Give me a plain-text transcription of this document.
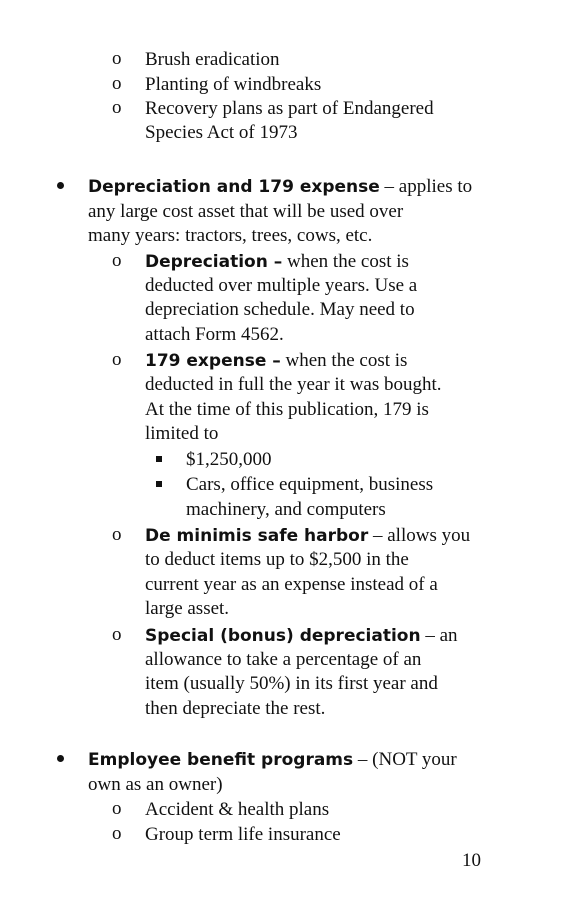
o Brush eradication
o Planting of windbreaks
o Recovery plans as part of Endangered
Species Act of 1973
Depreciation and 179 expense – applies to
any large cost asset that will be used over
many years: tractors, trees, cows, etc.
o Depreciation – when the cost is
deducted over multiple years. Use a
depreciation schedule. May need to
attach Form 4562.
o 179 expense – when the cost is
deducted in full the year it was bought.
At the time of this publication, 179 is
limited to
$1,250,000
Cars, office equipment, business
machinery, and computers
o De minimis safe harbor – allows you
to deduct items up to $2,500 in the
current year as an expense instead of a
large asset.
o Special (bonus) depreciation – an
allowance to take a percentage of an
item (usually 50%) in its first year and
then depreciate the rest.
Employee benefit programs – (NOT your
own as an owner)
o Accident & health plans
o Group term life insurance
10
